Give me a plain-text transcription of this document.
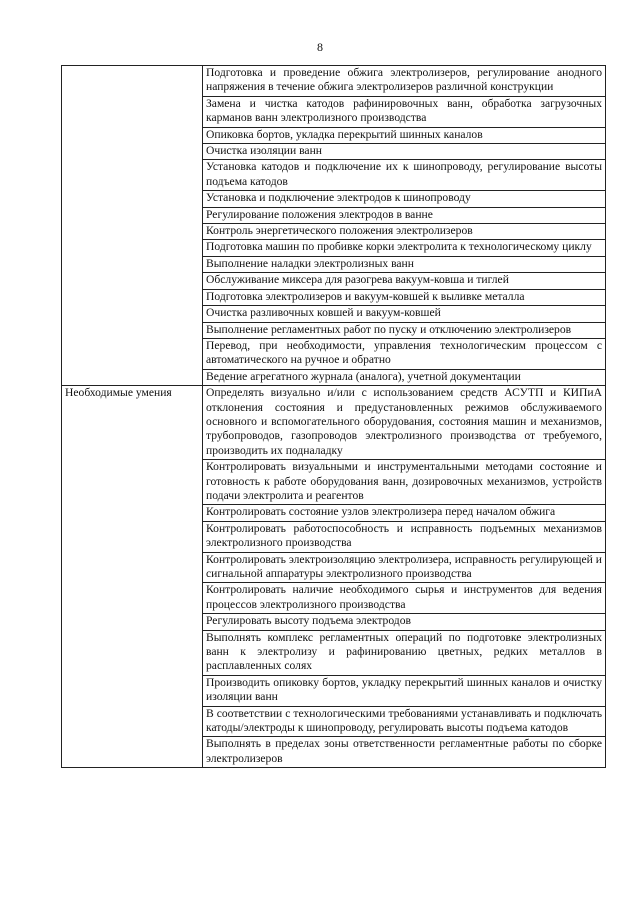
8
	Подготовка и проведение обжига электролизеров, регулирование анодного напряжения в течение обжига электролизеров различной конструкции
	Замена и чистка катодов рафинировочных ванн, обработка загрузочных карманов ванн электролизного производства
	Опиковка бортов, укладка перекрытий шинных каналов
	Очистка изоляции ванн
	Установка катодов и подключение их к шинопроводу, регулирование высоты подъема катодов
	Установка и подключение электродов к шинопроводу
	Регулирование положения электродов в ванне
	Контроль энергетического положения электролизеров
	Подготовка машин по пробивке корки электролита к технологическому циклу
	Выполнение наладки электролизных ванн
	Обслуживание миксера для разогрева вакуум-ковша и тиглей
	Подготовка электролизеров и вакуум-ковшей к выливке металла
	Очистка разливочных ковшей и вакуум-ковшей
	Выполнение регламентных работ по пуску и отключению электролизеров
	Перевод, при необходимости, управления технологическим процессом с автоматического на ручное и обратно
	Ведение агрегатного журнала (аналога), учетной документации
Необходимые умения	Определять визуально и/или с использованием средств АСУТП и КИПиА отклонения состояния и предустановленных режимов обслуживаемого основного и вспомогательного оборудования, состояния машин и механизмов, трубопроводов, газопроводов электролизного производства от требуемого, производить их подналадку
	Контролировать визуальными и инструментальными методами состояние и готовность к работе оборудования ванн, дозировочных механизмов, устройств подачи электролита и реагентов
	Контролировать состояние узлов электролизера перед началом обжига
	Контролировать работоспособность и исправность подъемных механизмов электролизного производства
	Контролировать электроизоляцию электролизера, исправность регулирующей и сигнальной аппаратуры электролизного производства
	Контролировать наличие необходимого сырья и инструментов для ведения процессов электролизного производства
	Регулировать высоту подъема электродов
	Выполнять комплекс регламентных операций по подготовке электролизных ванн к электролизу и рафинированию цветных, редких металлов в расплавленных солях
	Производить опиковку бортов, укладку перекрытий шинных каналов и очистку изоляции ванн
	В соответствии с технологическими требованиями устанавливать и подключать катоды/электроды к шинопроводу, регулировать высоты подъема катодов
	Выполнять в пределах зоны ответственности регламентные работы по сборке электролизеров
